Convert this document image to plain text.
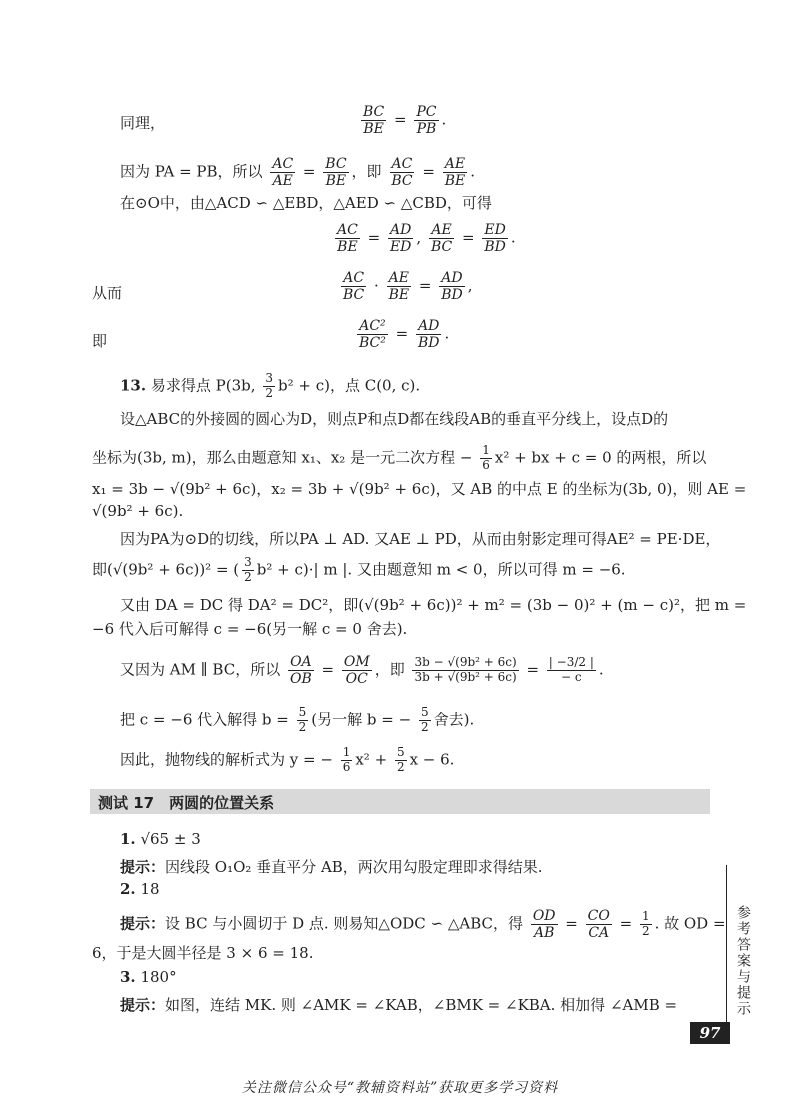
同理，	$\frac{BC}{BE} = \frac{PC}{PB}$ .
因为 PA = PB，所以 $\frac{AC}{AE} = \frac{BC}{BE}$ ，即 $\frac{AC}{BC} = \frac{AE}{BE}$ .
在⊙O中，由△ACD ∽ △EBD，△AED ∽ △CBD，可得
$\frac{AC}{BE} = \frac{AD}{ED}$ , $\frac{AE}{BC} = \frac{ED}{BD}$ .
从而	$\frac{AC}{BC} \cdot \frac{AE}{BE} = \frac{AD}{BD}$ ,
即	$\frac{\text{AC²}}{\text{BC²}} = \frac{AD}{BD}$ .
13. 易求得点 P(3b, $\frac{3}{2} b^2 + c$)，点 C(0, c).
设△ABC的外接圆的圆心为D，则点P和点D都在线段AB的垂直平分线上，设点D的
坐标为(3b, m)，那么由题意知 x₁、x₂ 是一元二次方程 − $\frac{1}{6} x^2$ + bx + c = 0 的两根，所以
x₁ = 3b − √(9b² + 6c)，x₂ = 3b + √(9b² + 6c)，又 AB 的中点 E 的坐标为(3b, 0)，则 AE =
√(9b² + 6c).
因为PA为⊙D的切线，所以PA ⊥ AD. 又AE ⊥ PD，从而由射影定理可得AE² = PE·DE，
即(√(9b² + 6c))² = ( $\frac{3}{2} b^2 + c)\cdot|$ m |. 又由题意知 m < 0，所以可得 m = −6.
又由 DA = DC 得 DA² = DC²，即(√(9b² + 6c))² + m² = (3b − 0)² + (m − c)²，把 m =
−6 代入后可解得 c = −6(另一解 c = 0 舍去).
又因为 AM ∥ BC，所以 $\frac{OA}{OB} = \frac{OM}{OC}$ ，即 $\frac{\text{3b − √(9b² + 6c)}}{\text{3b + √(9b² + 6c)}} = \frac{| -3/2 |}{- c}$ .
把 c = −6 代入解得 $b = \frac{5}{2}$ (另一解 b = − $\frac{5}{2}$ 舍去).
因此，抛物线的解析式为 y = − $\frac{1}{6} x^2 + \frac{5}{2}$ x − 6.
测试 17　两圆的位置关系
1. √65 ± 3
提示：因线段 O₁O₂ 垂直平分 AB，两次用勾股定理即求得结果.
2. 18
提示：设 BC 与小圆切于 D 点. 则易知△ODC ∽ △ABC，得 $\frac{OD}{AB} = \frac{CO}{CA} = \frac{1}{2}$ . 故 OD =
6，于是大圆半径是 3 × 6 = 18.
3. 180°
提示：如图，连结 MK. 则 ∠AMK = ∠KAB，∠BMK = ∠KBA. 相加得 ∠AMB =	参考答案与提示
97
关注微信公众号“教辅资料站”获取更多学习资料
